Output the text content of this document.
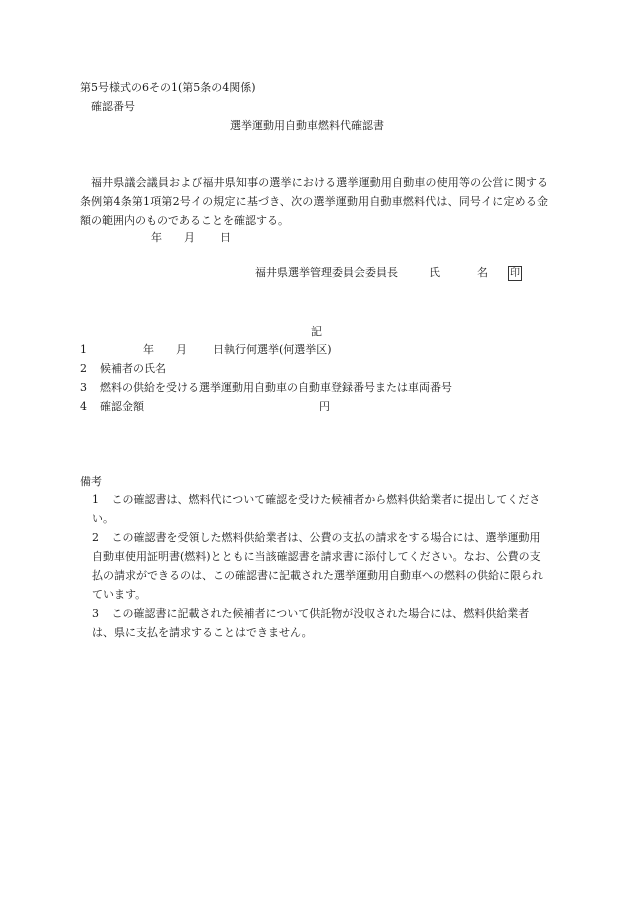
第5号様式の6その1(第5条の4関係)
確認番号
選挙運動用自動車燃料代確認書
福井県議会議員および福井県知事の選挙における選挙運動用自動車の使用等の公営に関する条例第4条第1項第2号イの規定に基づき、次の選挙運動用自動車燃料代は、同号イに定める金額の範囲内のものであることを確認する。
年 月 日
福井県選挙管理委員会委員長	氏	名	印
記
1	年 月 日執行何選挙(何選挙区)
2 候補者の氏名
3 燃料の供給を受ける選挙運動用自動車の自動車登録番号または車両番号
4 確認金額	円
備考
1 この確認書は、燃料代について確認を受けた候補者から燃料供給業者に提出してください。
2 この確認書を受領した燃料供給業者は、公費の支払の請求をする場合には、選挙運動用自動車使用証明書(燃料)とともに当該確認書を請求書に添付してください。なお、公費の支払の請求ができるのは、この確認書に記載された選挙運動用自動車への燃料の供給に限られています。
3 この確認書に記載された候補者について供託物が没収された場合には、燃料供給業者は、県に支払を請求することはできません。
